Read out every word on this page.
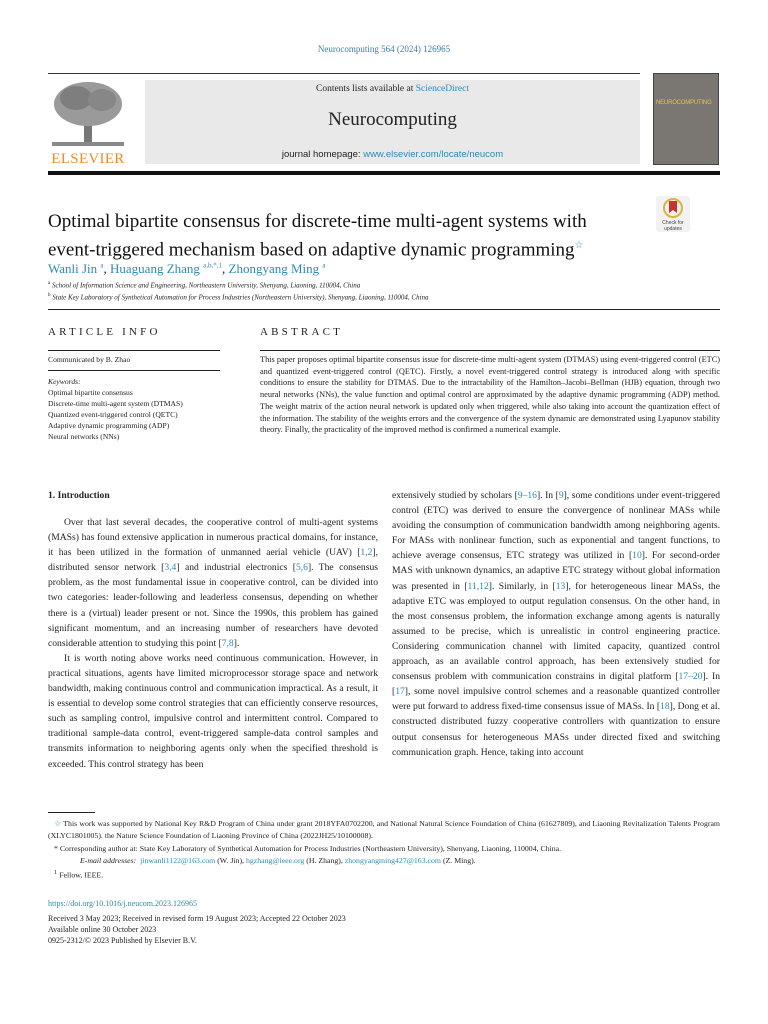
Neurocomputing 564 (2024) 126965
ELSEVIER
Contents lists available at ScienceDirect
Neurocomputing
journal homepage: www.elsevier.com/locate/neucom
NEUROCOMPUTING
Check for updates
Optimal bipartite consensus for discrete-time multi-agent systems with event-triggered mechanism based on adaptive dynamic programming☆
Wanli Jin $^a$, Huaguang Zhang $^{a,b,*,1}$, Zhongyang Ming $^a$
$^a$ School of Information Science and Engineering, Northeastern University, Shenyang, Liaoning, 110004, China
$^b$ State Key Laboratory of Synthetical Automation for Process Industries (Northeastern University), Shenyang, Liaoning, 110004, China
ARTICLE INFO	ABSTRACT
Communicated by B. Zhao
Keywords:
Optimal bipartite consensus
Discrete-time multi-agent system (DTMAS)
Quantized event-triggered control (QETC)
Adaptive dynamic programming (ADP)
Neural networks (NNs)
This paper proposes optimal bipartite consensus issue for discrete-time multi-agent system (DTMAS) using event-triggered control (ETC) and quantized event-triggered control (QETC). Firstly, a novel event-triggered control strategy is introduced along with specific conditions to ensure the stability for DTMAS. Due to the intractability of the Hamilton–Jacobi–Bellman (HJB) equation, through two neural networks (NNs), the value function and optimal control are approximated by the adaptive dynamic programming (ADP) method. The weight matrix of the action neural network is updated only when triggered, while also taking into account the quantization effect of the information. The stability of the weights errors and the convergence of the system dynamic are demonstrated using Lyapunov stability theory. Finally, the practicality of the improved method is confirmed a numerical example.
1. Introduction

Over that last several decades, the cooperative control of multi-agent systems (MASs) has found extensive application in numerous practical domains, for instance, it has been utilized in the formation of unmanned aerial vehicle (UAV) [1,2], distributed sensor network [3,4] and industrial electronics [5,6]. The consensus problem, as the most fundamental issue in cooperative control, can be divided into two categories: leader-following and leaderless consensus, depending on whether there is a (virtual) leader present or not. Since the 1990s, this problem has gained significant momentum, and an increasing number of researchers have devoted considerable attention to studying this point [7,8].

It is worth noting above works need continuous communication. However, in practical situations, agents have limited microprocessor storage space and network bandwidth, making continuous control and communication impractical. As a result, it is essential to develop some control strategies that can efficiently conserve resources, such as sampling control, impulsive control and intermittent control. Compared to traditional sample-data control, event-triggered sample-data control samples and transmits information to neighboring agents only when the specified threshold is exceeded. This control strategy has been

extensively studied by scholars [9–16]. In [9], some conditions under event-triggered control (ETC) was derived to ensure the convergence of nonlinear MASs while avoiding the consumption of communication bandwidth among neighboring agents. For MASs with nonlinear function, such as exponential and tangent functions, to achieve average consensus, ETC strategy was utilized in [10]. For second-order MAS with unknown dynamics, an adaptive ETC strategy without global information was presented in [11,12]. Similarly, in [13], for heterogeneous linear MASs, the adaptive ETC was employed to output regulation consensus. On the other hand, in the most consensus problem, the information exchange among agents is naturally assumed to be precise, which is unrealistic in control engineering practice. Considering communication channel with limited capacity, quantized control approach, as an available control approach, has been extensively studied for consensus problem with communication constrains in digital platform [17–20]. In [17], some novel impulsive control schemes and a reasonable quantized controller were put forward to address fixed-time consensus issue of MASs. In [18], Dong et al. constructed distributed fuzzy cooperative controllers with quantization to ensure output consensus for heterogeneous MASs under directed fixed and switching communication graph. Hence, taking into account

☆ This work was supported by National Key R&D Program of China under grant 2018YFA0702200, and National Natural Science Foundation of China (61627809), and Liaoning Revitalization Talents Program (XLYC1801005). the Nature Science Foundation of Liaoning Province of China (2022JH25/10100008).

* Corresponding author at: State Key Laboratory of Synthetical Automation for Process Industries (Northeastern University), Shenyang, Liaoning, 110004, China.

E-mail addresses: jinwanli1122@163.com (W. Jin), hgzhang@ieee.org (H. Zhang), zhongyangming427@163.com (Z. Ming).

$^1$ Fellow, IEEE.

https://doi.org/10.1016/j.neucom.2023.126965
Received 3 May 2023; Received in revised form 19 August 2023; Accepted 22 October 2023
Available online 30 October 2023
0925-2312/© 2023 Published by Elsevier B.V.
